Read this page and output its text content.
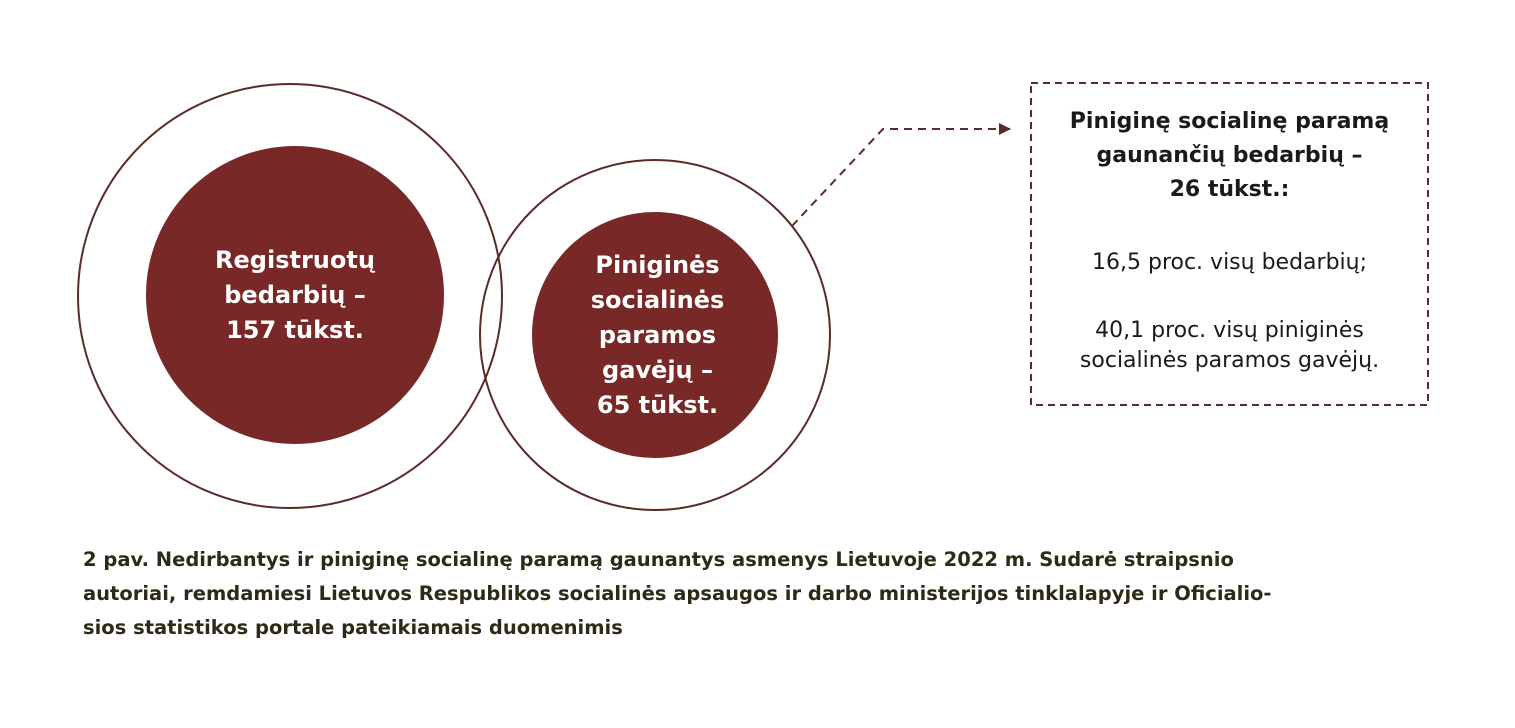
Registruotų
bedarbių –
157 tūkst.
Piniginės
socialinės
paramos
gavėjų –
65 tūkst.
Piniginę socialinę paramą
gaunančių bedarbių –
26 tūkst.:
16,5 proc. visų bedarbių;
40,1 proc. visų piniginės
socialinės paramos gavėjų.
2 pav. Nedirbantys ir piniginę socialinę paramą gaunantys asmenys Lietuvoje 2022 m. Sudarė straipsnio
autoriai, remdamiesi Lietuvos Respublikos socialinės apsaugos ir darbo ministerijos tinklalapyje ir Oficialio-
sios statistikos portale pateikiamais duomenimis
